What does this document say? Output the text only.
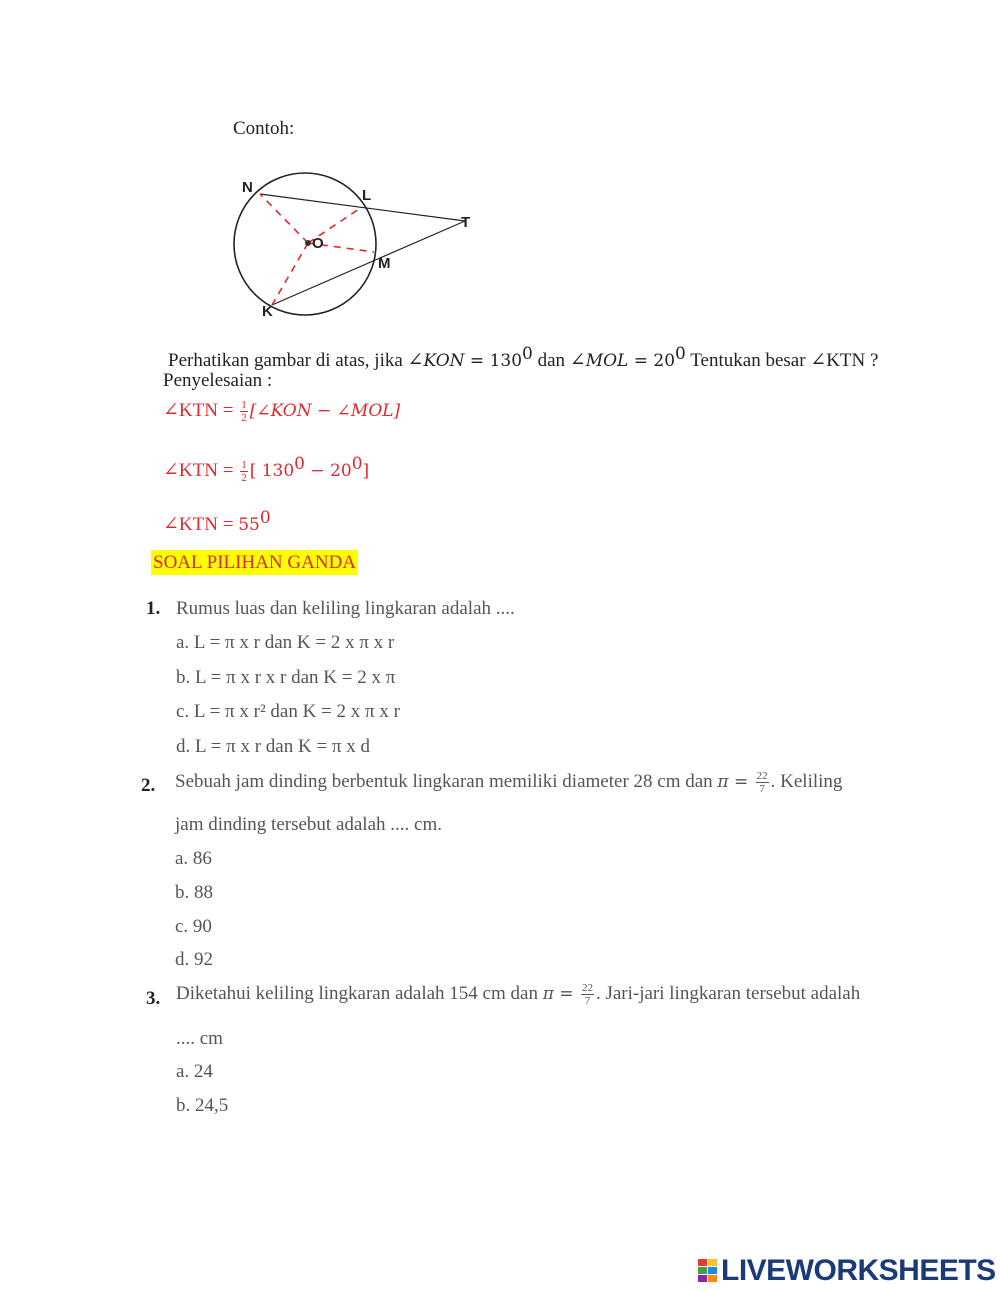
Contoh:
N	L
T
O
M
K
Perhatikan gambar di atas, jika ∠KON = $130^0$ dan ∠MOL = $20^0$ Tentukan besar ∠KTN ?
Penyelesaian :
∠KTN = $\frac{1}{2}$ [∠KON − ∠MOL]
∠KTN = $\frac{1}{2}$ [ $130^0 - 20^0$]
∠KTN = $55^0$
SOAL PILIHAN GANDA
1. Rumus luas dan keliling lingkaran adalah ....
a. L = π x r dan K = 2 x π x r
b. L = π x r x r dan K = 2 x π
c. L = π x r² dan K = 2 x π x r
d. L = π x r dan K = π x d
2. Sebuah jam dinding berbentuk lingkaran memiliki diameter 28 cm dan $\pi = \frac{22}{7}$ . Keliling
jam dinding tersebut adalah .... cm.
a. 86
b. 88
c. 90
d. 92
3. Diketahui keliling lingkaran adalah 154 cm dan $\pi = \frac{22}{7}$ . Jari-jari lingkaran tersebut adalah
.... cm
a. 24
b. 24,5
LIVEWORKSHEETS
